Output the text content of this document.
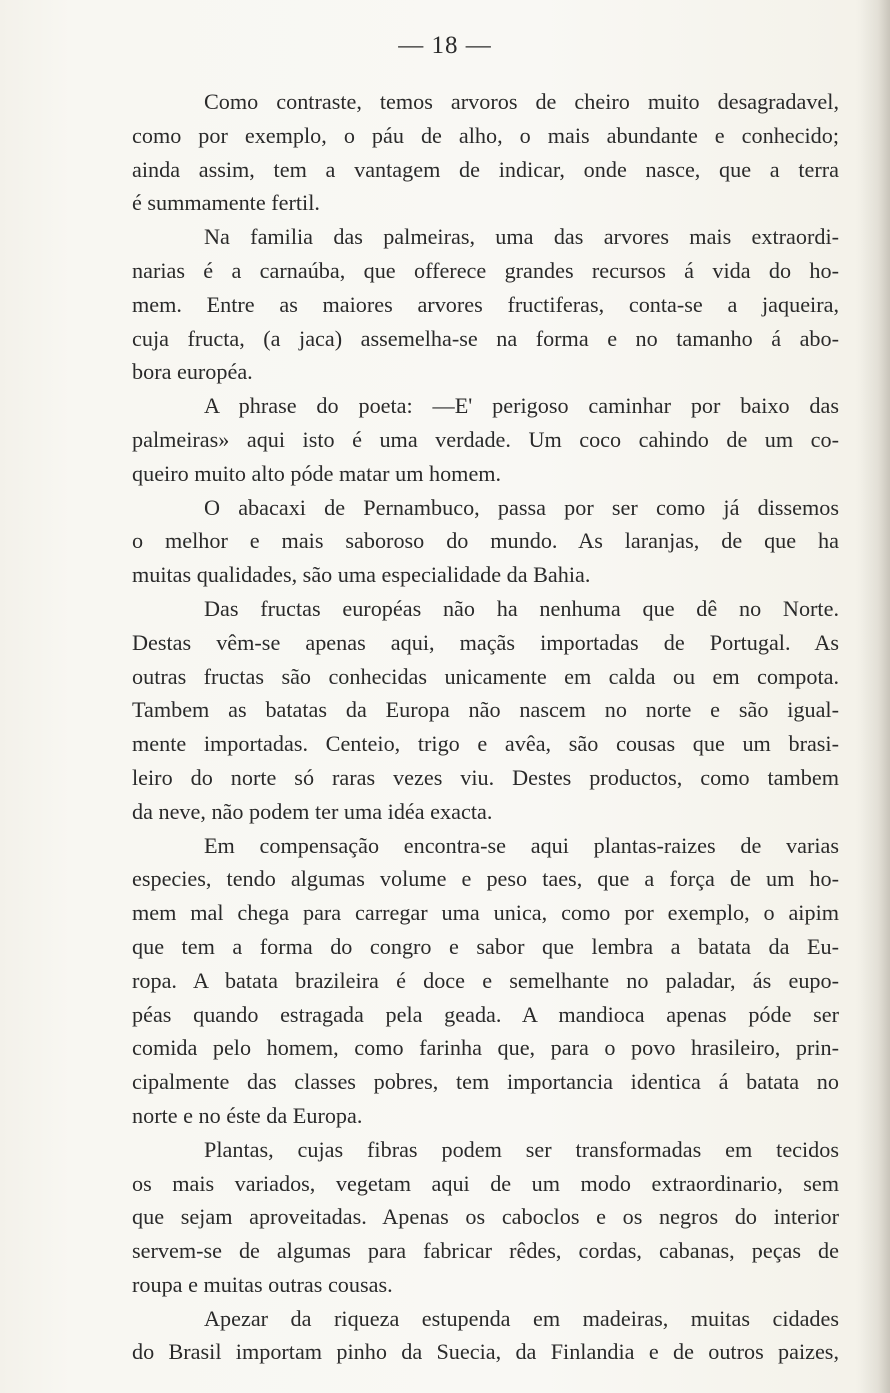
— 18 —
Como contraste, temos arvoros de cheiro muito desagradavel,
como por exemplo, o páu de alho, o mais abundante e conhecido;
ainda assim, tem a vantagem de indicar, onde nasce, que a terra
é summamente fertil.
Na familia das palmeiras, uma das arvores mais extraordi-
narias é a carnaúba, que offerece grandes recursos á vida do ho-
mem. Entre as maiores arvores fructiferas, conta-se a jaqueira,
cuja fructa, (a jaca) assemelha-se na forma e no tamanho á abo-
bora européa.
A phrase do poeta: —E' perigoso caminhar por baixo das
palmeiras» aqui isto é uma verdade. Um coco cahindo de um co-
queiro muito alto póde matar um homem.
O abacaxi de Pernambuco, passa por ser como já dissemos
o melhor e mais saboroso do mundo. As laranjas, de que ha
muitas qualidades, são uma especialidade da Bahia.
Das fructas européas não ha nenhuma que dê no Norte.
Destas vêm-se apenas aqui, maçãs importadas de Portugal. As
outras fructas são conhecidas unicamente em calda ou em compota.
Tambem as batatas da Europa não nascem no norte e são igual-
mente importadas. Centeio, trigo e avêa, são cousas que um brasi-
leiro do norte só raras vezes viu. Destes productos, como tambem
da neve, não podem ter uma idéa exacta.
Em compensação encontra-se aqui plantas-raizes de varias
especies, tendo algumas volume e peso taes, que a força de um ho-
mem mal chega para carregar uma unica, como por exemplo, o aipim
que tem a forma do congro e sabor que lembra a batata da Eu-
ropa. A batata brazileira é doce e semelhante no paladar, ás eupo-
péas quando estragada pela geada. A mandioca apenas póde ser
comida pelo homem, como farinha que, para o povo hrasileiro, prin-
cipalmente das classes pobres, tem importancia identica á batata no
norte e no éste da Europa.
Plantas, cujas fibras podem ser transformadas em tecidos
os mais variados, vegetam aqui de um modo extraordinario, sem
que sejam aproveitadas. Apenas os caboclos e os negros do interior
servem-se de algumas para fabricar rêdes, cordas, cabanas, peças de
roupa e muitas outras cousas.
Apezar da riqueza estupenda em madeiras, muitas cidades
do Brasil importam pinho da Suecia, da Finlandia e de outros paizes,
